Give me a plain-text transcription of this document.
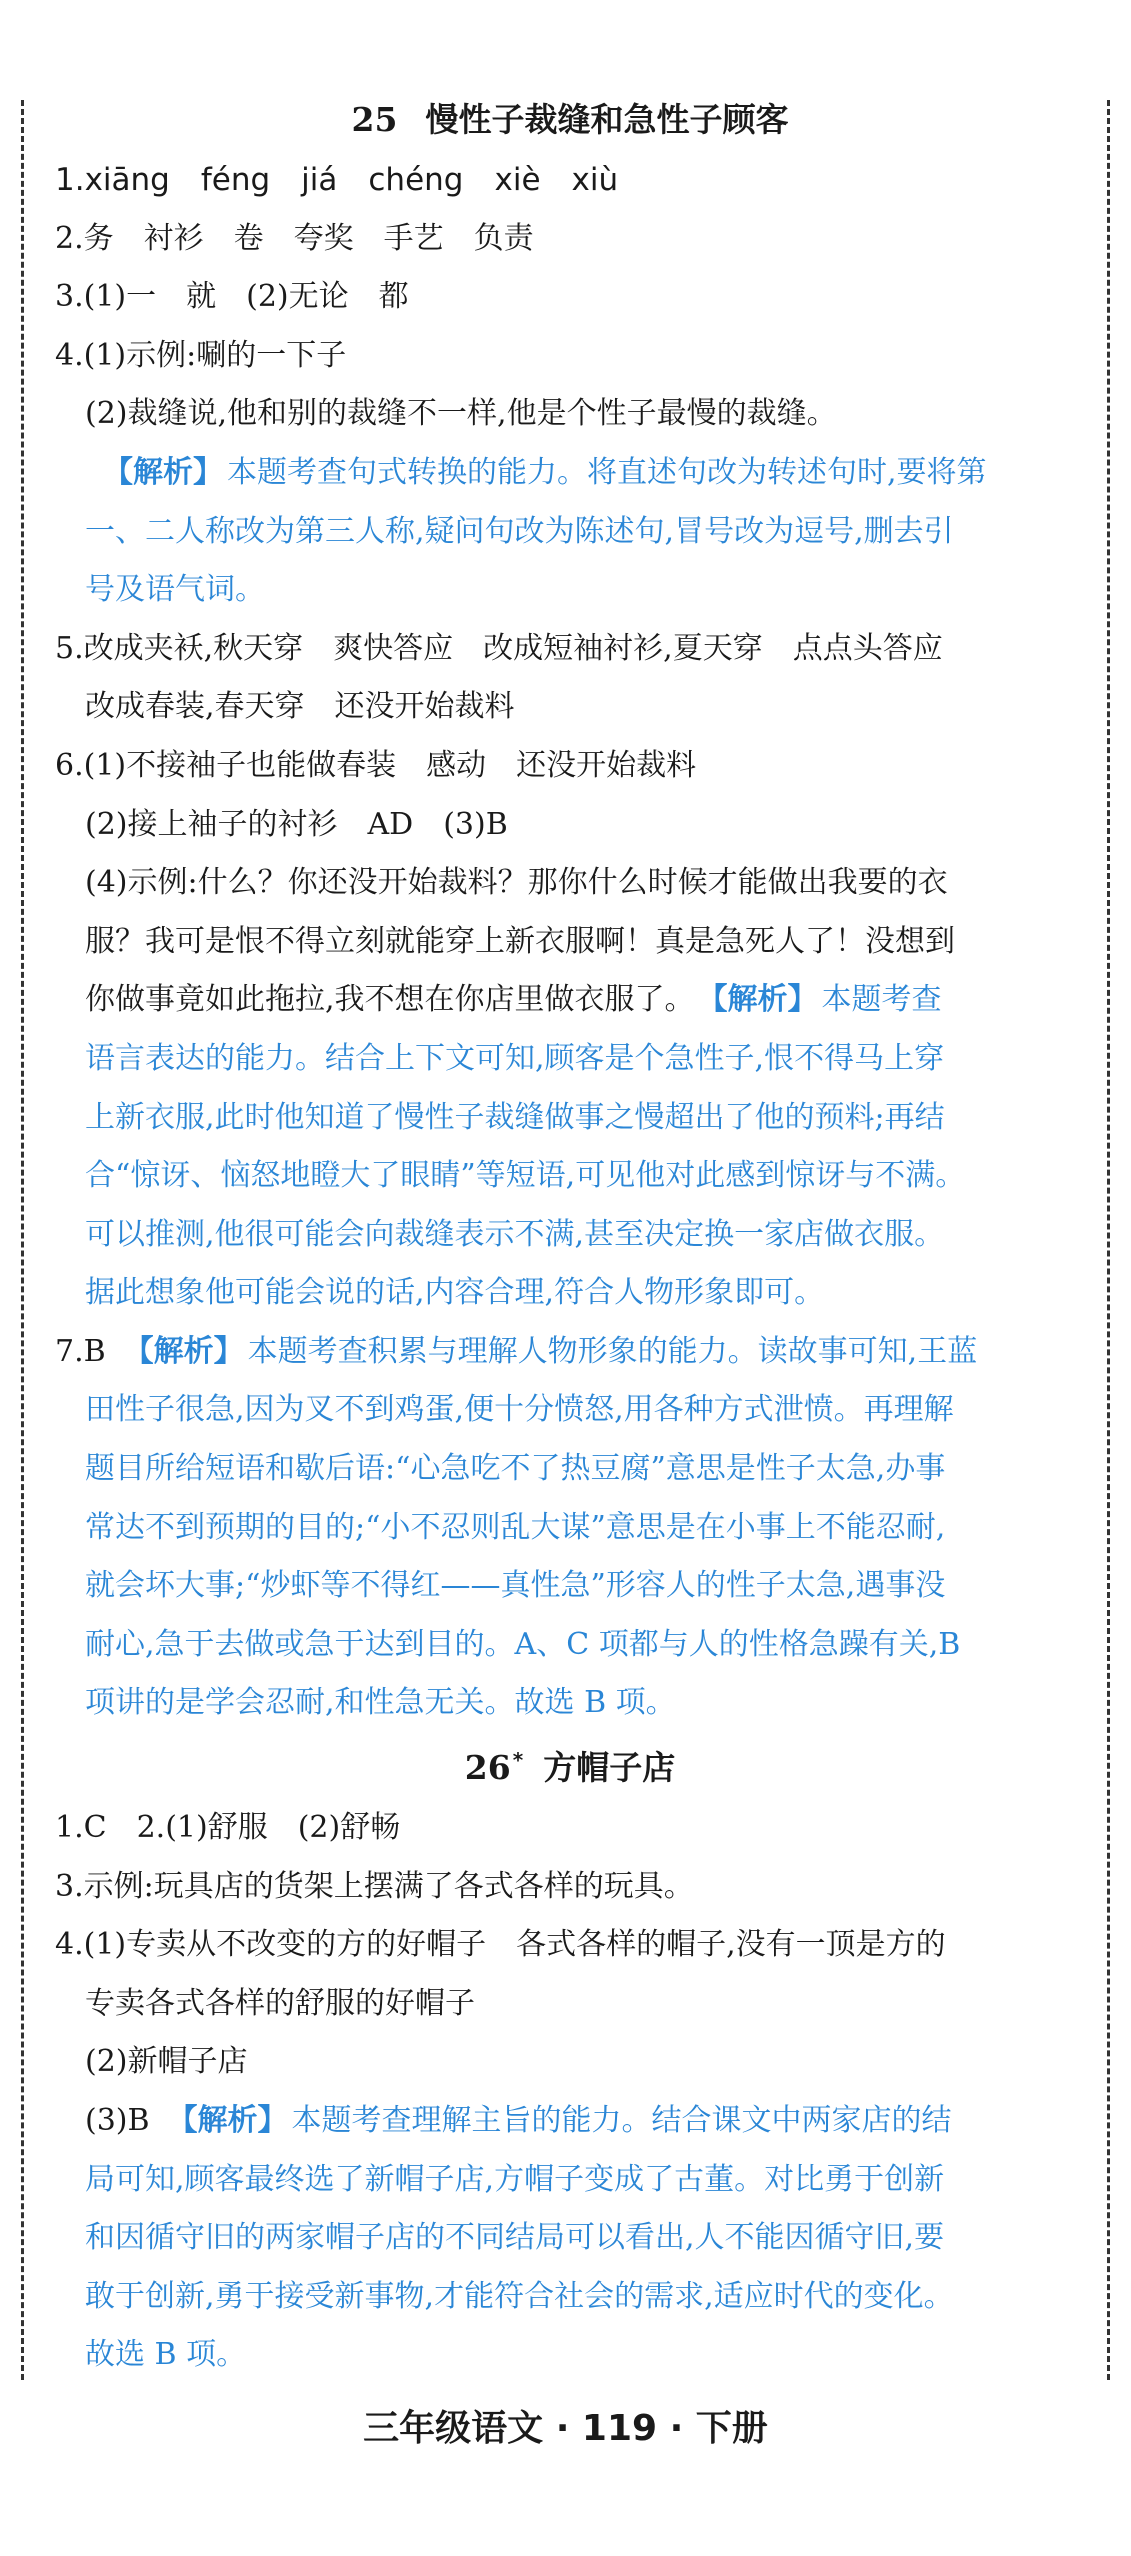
25 慢性子裁缝和急性子顾客
1.xiāng　féng　jiá　chéng　xiè　xiù
2.务　衬衫　卷　夸奖　手艺　负责
3.(1)一　就　(2)无论　都
4.(1)示例:唰的一下子
(2)裁缝说,他和别的裁缝不一样,他是个性子最慢的裁缝。
【解析】 本题考查句式转换的能力。将直述句改为转述句时,要将第
一、二人称改为第三人称,疑问句改为陈述句,冒号改为逗号,删去引
号及语气词。
5.改成夹袄,秋天穿　爽快答应　改成短袖衬衫,夏天穿　点点头答应
改成春装,春天穿　还没开始裁料
6.(1)不接袖子也能做春装　感动　还没开始裁料
(2)接上袖子的衬衫　AD　(3)B
(4)示例:什么？你还没开始裁料？那你什么时候才能做出我要的衣
服？我可是恨不得立刻就能穿上新衣服啊！真是急死人了！没想到
你做事竟如此拖拉,我不想在你店里做衣服了。 【解析】 本题考查
语言表达的能力。结合上下文可知,顾客是个急性子,恨不得马上穿
上新衣服,此时他知道了慢性子裁缝做事之慢超出了他的预料;再结
合“惊讶、恼怒地瞪大了眼睛”等短语,可见他对此感到惊讶与不满。
可以推测,他很可能会向裁缝表示不满,甚至决定换一家店做衣服。
据此想象他可能会说的话,内容合理,符合人物形象即可。
7.B 【解析】 本题考查积累与理解人物形象的能力。读故事可知,王蓝
田性子很急,因为叉不到鸡蛋,便十分愤怒,用各种方式泄愤。再理解
题目所给短语和歇后语:“心急吃不了热豆腐”意思是性子太急,办事
常达不到预期的目的;“小不忍则乱大谋”意思是在小事上不能忍耐,
就会坏大事;“炒虾等不得红——真性急”形容人的性子太急,遇事没
耐心,急于去做或急于达到目的。A、C 项都与人的性格急躁有关,B
项讲的是学会忍耐,和性急无关。故选 B 项。
26 * 方帽子店
1.C　2.(1)舒服　(2)舒畅
3.示例:玩具店的货架上摆满了各式各样的玩具。
4.(1)专卖从不改变的方的好帽子　各式各样的帽子,没有一顶是方的
专卖各式各样的舒服的好帽子
(2)新帽子店
(3)B 【解析】 本题考查理解主旨的能力。结合课文中两家店的结
局可知,顾客最终选了新帽子店,方帽子变成了古董。对比勇于创新
和因循守旧的两家帽子店的不同结局可以看出,人不能因循守旧,要
敢于创新,勇于接受新事物,才能符合社会的需求,适应时代的变化。
故选 B 项。
三年级语文 · 119 · 下册
